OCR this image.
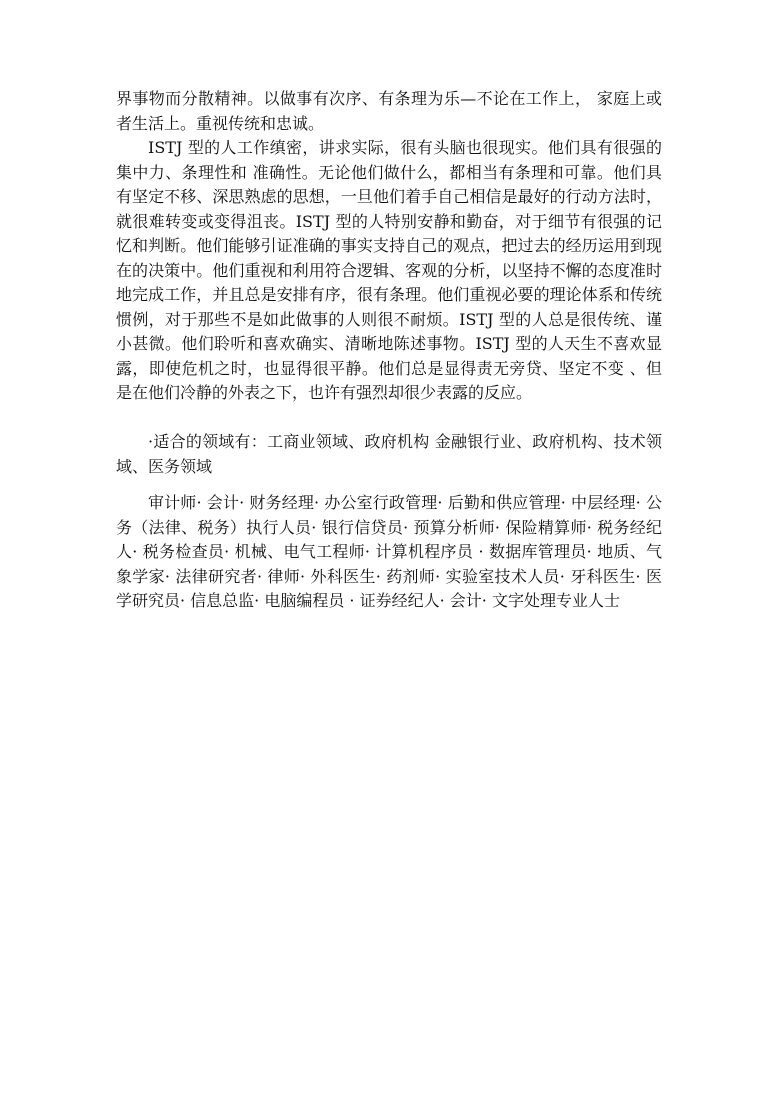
界事物而分散精神。以做事有次序、有条理为乐—不论在工作上， 家庭上或者生活上。重视传统和忠诚。

ISTJ 型的人工作缜密，讲求实际，很有头脑也很现实。他们具有很强的集中力、条理性和 准确性。无论他们做什么，都相当有条理和可靠。他们具有坚定不移、深思熟虑的思想，一旦他们着手自己相信是最好的行动方法时，就很难转变或变得沮丧。ISTJ 型的人特别安静和勤奋，对于细节有很强的记忆和判断。他们能够引证准确的事实支持自己的观点，把过去的经历运用到现在的决策中。他们重视和利用符合逻辑、客观的分析，以坚持不懈的态度准时地完成工作，并且总是安排有序，很有条理。他们重视必要的理论体系和传统 惯例，对于那些不是如此做事的人则很不耐烦。ISTJ 型的人总是很传统、谨小甚微。他们聆听和喜欢确实、清晰地陈述事物。ISTJ 型的人天生不喜欢显露，即使危机之时，也显得很平静。他们总是显得责无旁贷、坚定不变 、但是在他们冷静的外表之下，也许有强烈却很少表露的反应。

·适合的领域有：工商业领域、政府机构 金融银行业、政府机构、技术领域、医务领域

审计师· 会计· 财务经理· 办公室行政管理· 后勤和供应管理· 中层经理· 公务（法律、税务）执行人员· 银行信贷员· 预算分析师· 保险精算师· 税务经纪人· 税务检查员· 机械、电气工程师· 计算机程序员 · 数据库管理员· 地质、气象学家· 法律研究者· 律师· 外科医生· 药剂师· 实验室技术人员· 牙科医生· 医学研究员· 信息总监· 电脑编程员 · 证券经纪人· 会计· 文字处理专业人士
